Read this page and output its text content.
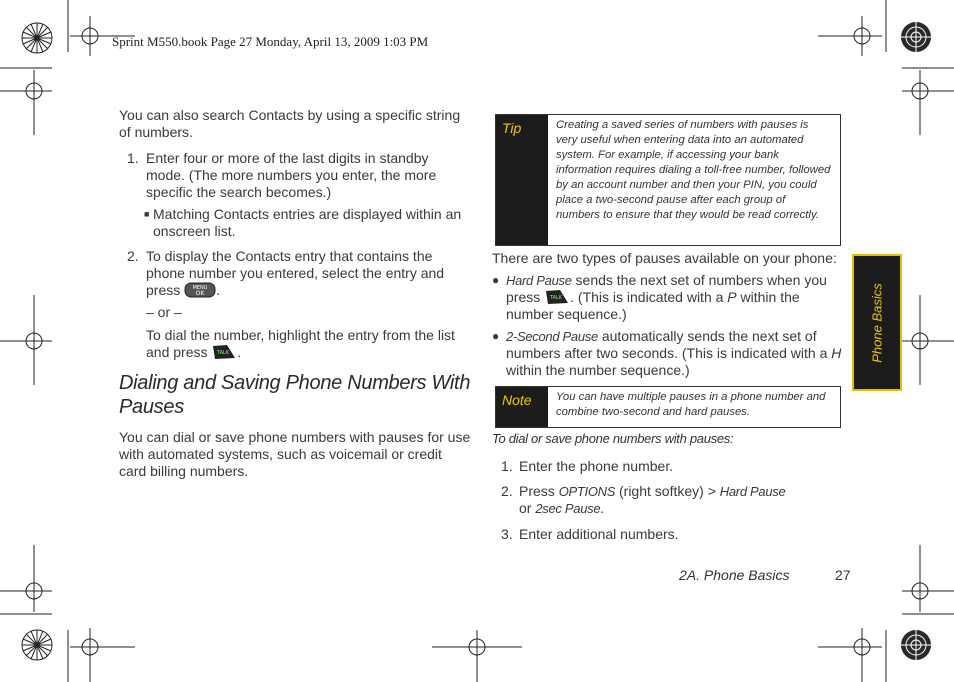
Sprint M550.book Page 27 Monday, April 13, 2009 1:03 PM
You can also search Contacts by using a specific string of numbers.
1. Enter four or more of the last digits in standby mode. (The more numbers you enter, the more specific the search becomes.)
■ Matching Contacts entries are displayed within an onscreen list.
2. To display the Contacts entry that contains the phone number you entered, select the entry and press MENU
OK .
– or –
To dial the number, highlight the entry from the list and press TALK .
Dialing and Saving Phone Numbers With Pauses
You can dial or save phone numbers with pauses for use with automated systems, such as voicemail or credit card billing numbers.
Tip	Creating a saved series of numbers with pauses is very useful when entering data into an automated system. For example, if accessing your bank information requires dialing a toll-free number, followed by an account number and then your PIN, you could place a two-second pause after each group of numbers to ensure that they would be read correctly.
There are two types of pauses available on your phone:
● Hard Pause sends the next set of numbers when you press TALK . (This is indicated with a P within the number sequence.)
● 2-Second Pause automatically sends the next set of numbers after two seconds. (This is indicated with a H within the number sequence.)
Note You can have multiple pauses in a phone number and combine two-second and hard pauses.
To dial or save phone numbers with pauses:
1. Enter the phone number.
2. Press OPTIONS (right softkey) > Hard Pause or 2sec Pause.
3. Enter additional numbers.
Phone Basics
2A. Phone Basics	27
